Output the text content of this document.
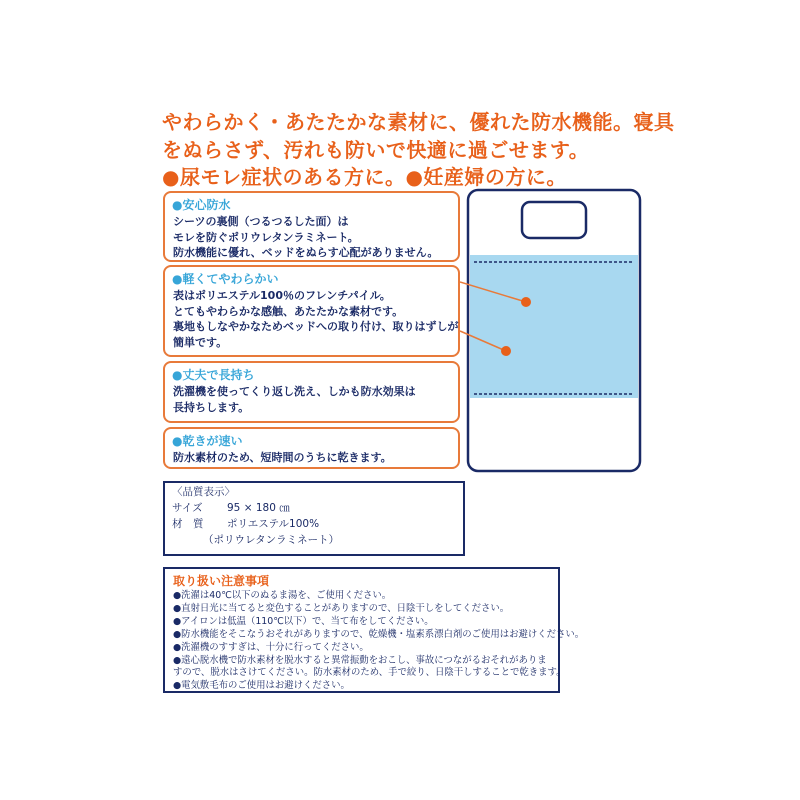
やわらかく・あたたかな素材に、優れた防水機能。寝具
をぬらさず、汚れも防いで快適に過ごせます。
●尿モレ症状のある方に。●妊産婦の方に。
●安心防水
シーツの裏側（つるつるした面）は
モレを防ぐポリウレタンラミネート。
防水機能に優れ、ベッドをぬらす心配がありません。
●軽くてやわらかい
表はポリエステル100％のフレンチパイル。
とてもやわらかな感触、あたたかな素材です。
裏地もしなやかなためベッドへの取り付け、取りはずしが
簡単です。
●丈夫で長持ち
洗濯機を使ってくり返し洗え、しかも防水効果は
長持ちします。
●乾きが速い
防水素材のため、短時間のうちに乾きます。
〈品質表示〉
サイズ 95 × 180 ㎝
材　質 ポリエステル100%
（ポリウレタンラミネート）
取り扱い注意事項
●洗濯は40℃以下のぬるま湯を、ご使用ください。
●直射日光に当てると変色することがありますので、日陰干しをしてください。
●アイロンは低温（110℃以下）で、当て布をしてください。
●防水機能をそこなうおそれがありますので、乾燥機・塩素系漂白剤のご使用はお避けください。
●洗濯機のすすぎは、十分に行ってください。
●遠心脱水機で防水素材を脱水すると異常振動をおこし、事故につながるおそれがありま
すので、脱水はさけてください。防水素材のため、手で絞り、日陰干しすることで乾きます。
●電気敷毛布のご使用はお避けください。
